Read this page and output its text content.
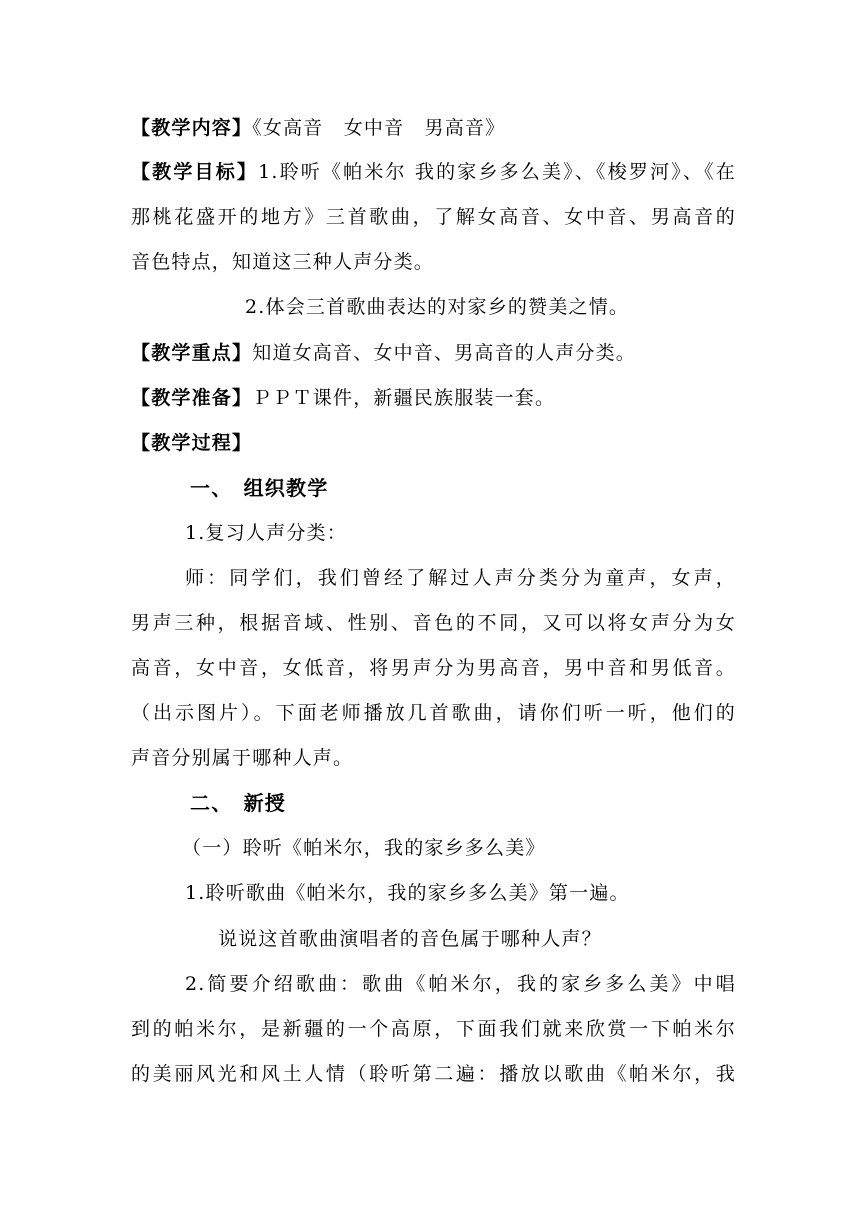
【教学内容】《女高音　女中音　男高音》
【教学目标】1.聆听《帕米尔 我的家乡多么美》、《梭罗河》、《在
那桃花盛开的地方》三首歌曲，了解女高音、女中音、男高音的
音色特点，知道这三种人声分类。
2.体会三首歌曲表达的对家乡的赞美之情。
【教学重点】知道女高音、女中音、男高音的人声分类。
【教学准备】ＰＰＴ课件，新疆民族服装一套。
【教学过程】
一、　组织教学
1.复习人声分类：
师：同学们，我们曾经了解过人声分类分为童声，女声，
男声三种，根据音域、性别、音色的不同，又可以将女声分为女
高音，女中音，女低音，将男声分为男高音，男中音和男低音。
（出示图片）。下面老师播放几首歌曲，请你们听一听，他们的
声音分别属于哪种人声。
二、　新授
（一）聆听《帕米尔，我的家乡多么美》
1.聆听歌曲《帕米尔，我的家乡多么美》第一遍。
说说这首歌曲演唱者的音色属于哪种人声？
2.简要介绍歌曲：歌曲《帕米尔，我的家乡多么美》中唱
到的帕米尔，是新疆的一个高原，下面我们就来欣赏一下帕米尔
的美丽风光和风土人情（聆听第二遍：播放以歌曲《帕米尔，我
